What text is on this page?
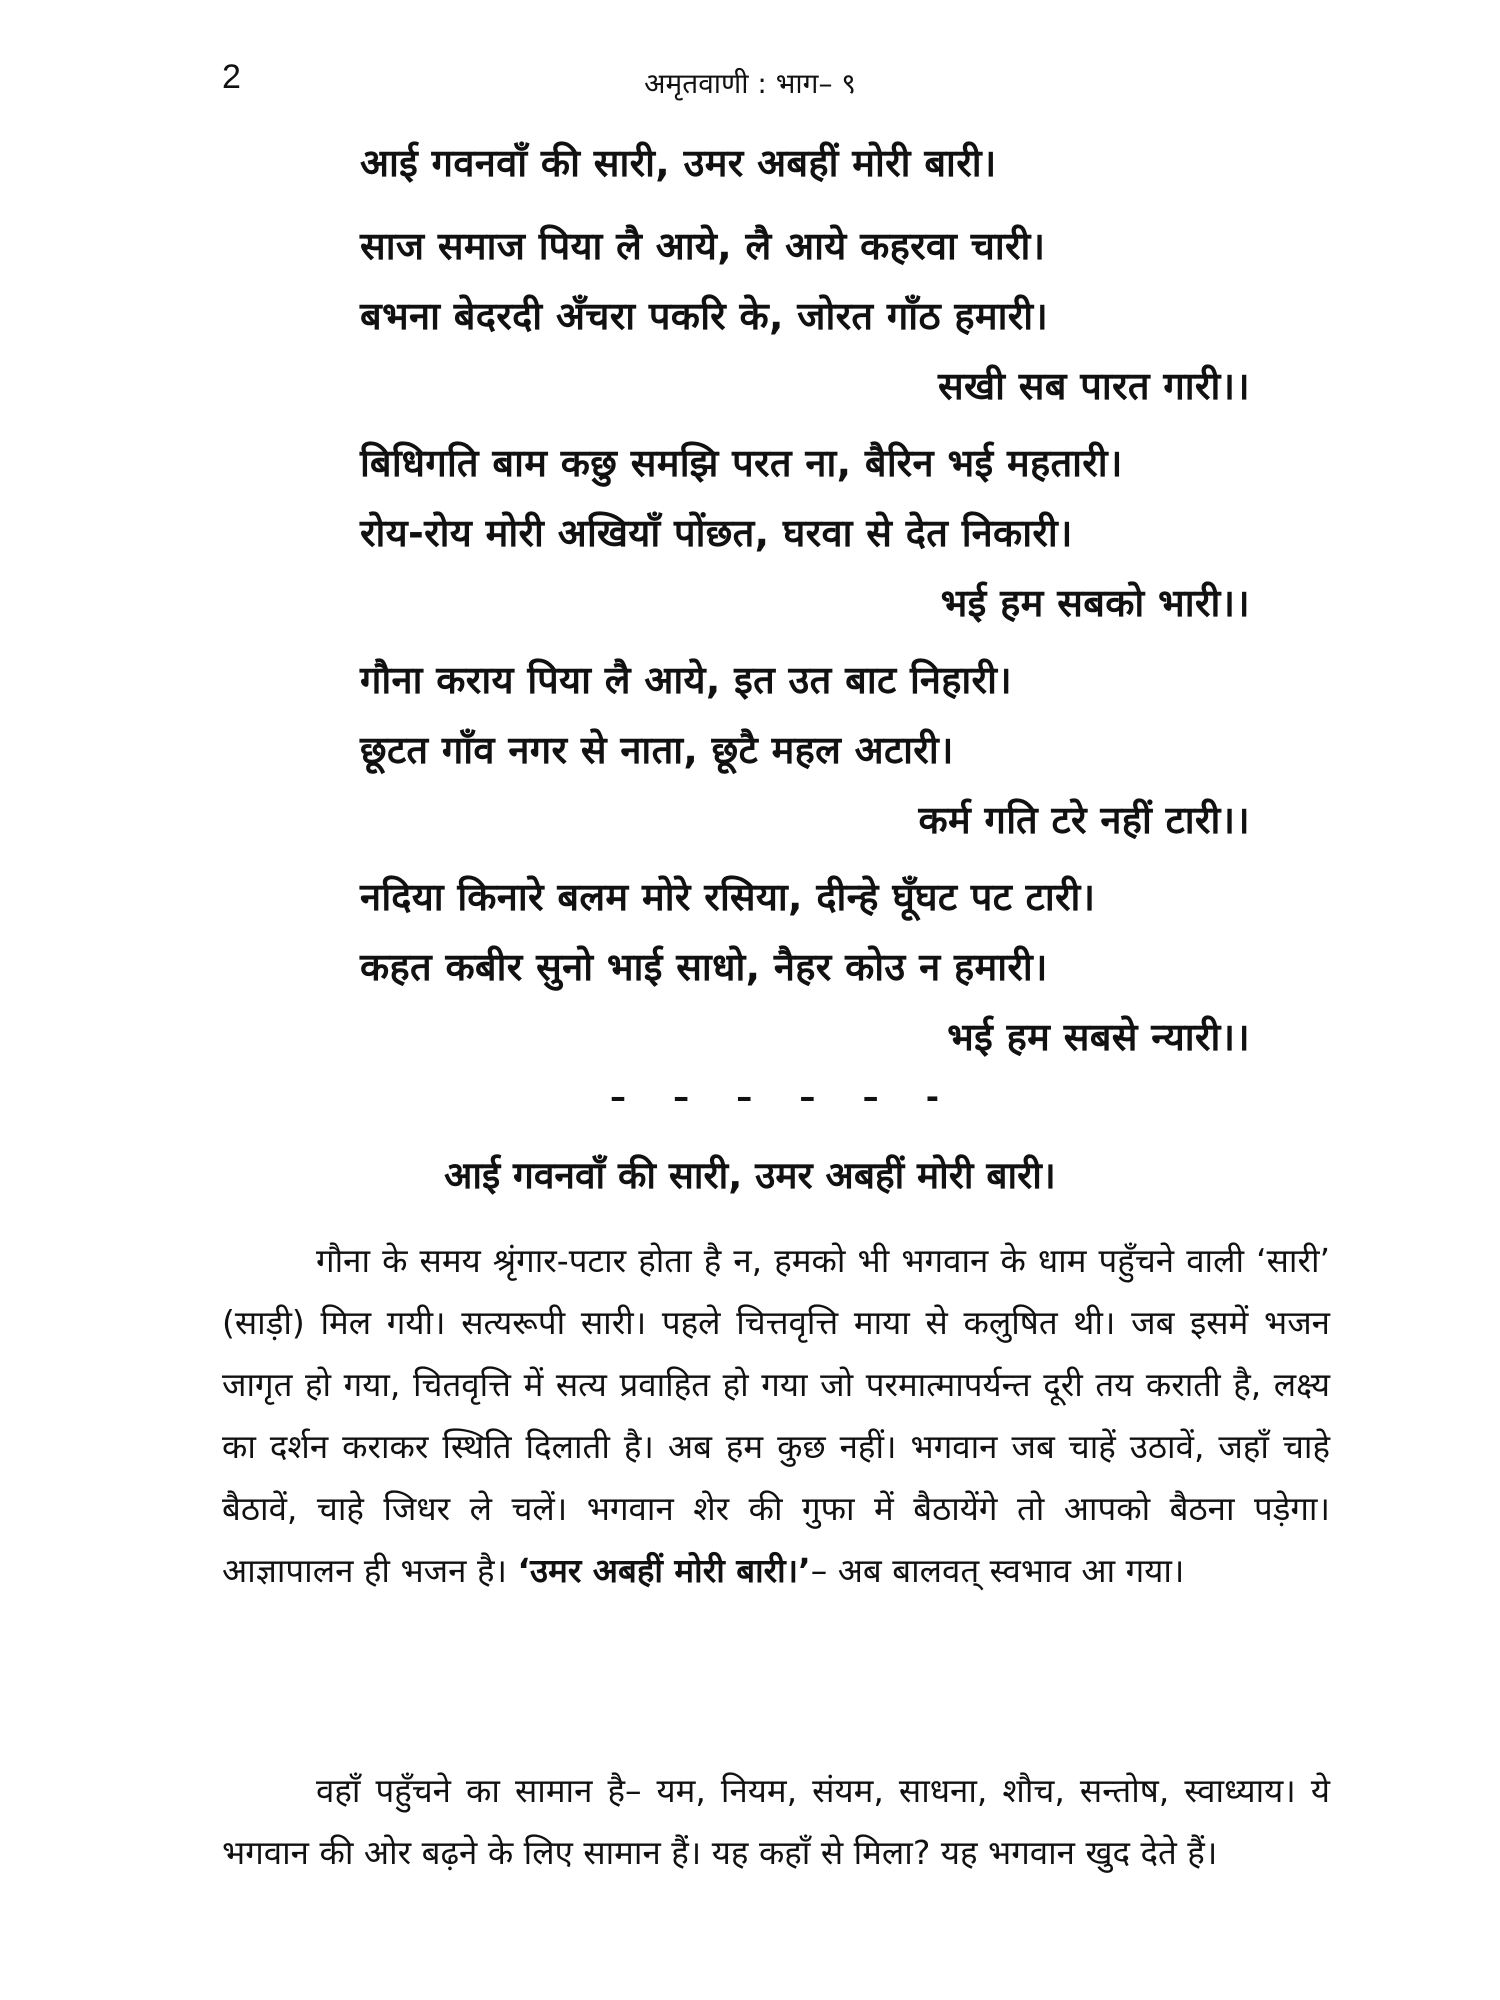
2	अमृतवाणी : भाग– ९
आई गवनवाँ की सारी, उमर अबहीं मोरी बारी।
साज समाज पिया लै आये, लै आये कहरवा चारी।
बभना बेदरदी अँचरा पकरि के, जोरत गाँठ हमारी।
सखी सब पारत गारी।।
बिधिगति बाम कछु समझि परत ना, बैरिन भई महतारी।
रोय-रोय मोरी अखियाँ पोंछत, घरवा से देत निकारी।
भई हम सबको भारी।।
गौना कराय पिया लै आये, इत उत बाट निहारी।
छूटत गाँव नगर से नाता, छूटै महल अटारी।
कर्म गति टरे नहीं टारी।।
नदिया किनारे बलम मोरे रसिया, दीन्हे घूँघट पट टारी।
कहत कबीर सुनो भाई साधो, नैहर कोउ न हमारी।
भई हम सबसे न्यारी।।
– – – – – -
आई गवनवाँ की सारी, उमर अबहीं मोरी बारी।

गौना के समय श्रृंगार-पटार होता है न, हमको भी भगवान के धाम पहुँचने वाली ‘सारी’ (साड़ी) मिल गयी। सत्यरूपी सारी। पहले चित्तवृत्ति माया से कलुषित थी। जब इसमें भजन जागृत हो गया, चितवृत्ति में सत्य प्रवाहित हो गया जो परमात्मापर्यन्त दूरी तय कराती है, लक्ष्य का दर्शन कराकर स्थिति दिलाती है। अब हम कुछ नहीं। भगवान जब चाहें उठावें, जहाँ चाहे बैठावें, चाहे जिधर ले चलें। भगवान शेर की गुफा में बैठायेंगे तो आपको बैठना पड़ेगा। आज्ञापालन ही भजन है। ‘उमर अबहीं मोरी बारी।’– अब बालवत् स्वभाव आ गया।

वहाँ पहुँचने का सामान है– यम, नियम, संयम, साधना, शौच, सन्तोष, स्वाध्याय। ये भगवान की ओर बढ़ने के लिए सामान हैं। यह कहाँ से मिला? यह भगवान खुद देते हैं।
